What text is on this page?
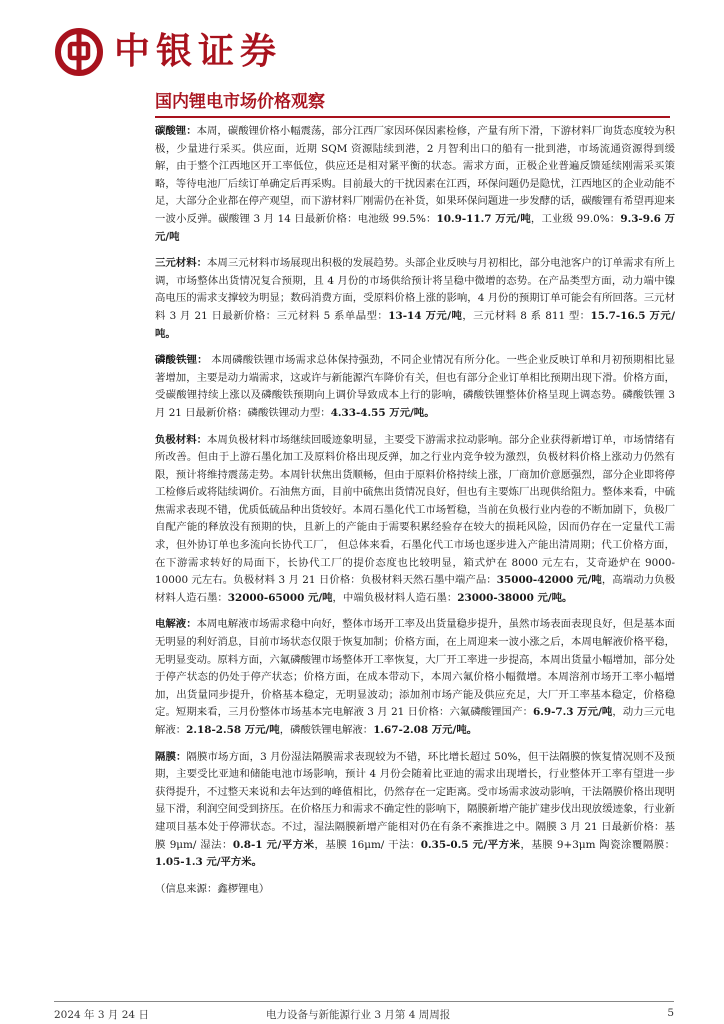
中银证券
国内锂电市场价格观察

碳酸锂：本周，碳酸锂价格小幅震荡，部分江西厂家因环保因素检修，产量有所下滑，下游材料厂询货态度较为积极，少量进行采买。供应面，近期 SQM 资源陆续到港，2 月智利出口的船有一批到港，市场流通资源得到缓解，由于整个江西地区开工率低位，供应还是相对紧平衡的状态。需求方面，正极企业普遍反馈延续刚需采买策略，等待电池厂后续订单确定后再采购。目前最大的干扰因素在江西，环保问题仍是隐忧，江西地区的企业动能不足，大部分企业都在停产观望，而下游材料厂刚需仍在补货，如果环保问题进一步发酵的话，碳酸锂有希望再迎来一波小反弹。碳酸锂 3 月 14 日最新价格：电池级 99.5%：10.9-11.7 万元/吨，工业级 99.0%：9.3-9.6 万元/吨

三元材料：本周三元材料市场展现出积极的发展趋势。头部企业反映与月初相比，部分电池客户的订单需求有所上调，市场整体出货情况复合预期，且 4 月份的市场供给预计将呈稳中微增的态势。在产品类型方面，动力端中镍高电压的需求支撑较为明显；数码消费方面，受原料价格上涨的影响，4 月份的预期订单可能会有所回落。三元材料 3 月 21 日最新价格：三元材料 5 系单晶型：13-14 万元/吨，三元材料 8 系 811 型：15.7-16.5 万元/吨。

磷酸铁锂： 本周磷酸铁锂市场需求总体保持强劲，不同企业情况有所分化。一些企业反映订单和月初预期相比显著增加，主要是动力端需求，这或许与新能源汽车降价有关，但也有部分企业订单相比预期出现下滑。价格方面，受碳酸锂持续上涨以及磷酸铁预期向上调价导致成本上行的影响，磷酸铁锂整体价格呈现上调态势。磷酸铁锂 3 月 21 日最新价格：磷酸铁锂动力型：4.33-4.55 万元/吨。

负极材料：本周负极材料市场继续回暖迹象明显，主要受下游需求拉动影响。部分企业获得新增订单，市场情绪有所改善。但由于上游石墨化加工及原料价格出现反弹，加之行业内竞争较为激烈，负极材料价格上涨动力仍然有限，预计将维持震荡走势。本周针状焦出货顺畅，但由于原料价格持续上涨，厂商加价意愿强烈，部分企业即将停工检修后或将陆续调价。石油焦方面，目前中硫焦出货情况良好，但也有主要炼厂出现供给阻力。整体来看，中硫焦需求表现不错，优质低硫品种出货较好。本周石墨化代工市场暂稳，当前在负极行业内卷的不断加剧下，负极厂自配产能的释放没有预期的快，且新上的产能由于需要积累经验存在较大的损耗风险，因而仍存在一定量代工需求，但外协订单也多流向长协代工厂， 但总体来看，石墨化代工市场也逐步进入产能出清周期；代工价格方面，在下游需求转好的局面下，长协代工厂的提价态度也比较明显，箱式炉在 8000 元左右，艾奇逊炉在 9000-10000 元左右。负极材料 3 月 21 日价格：负极材料天然石墨中端产品：35000-42000 元/吨，高端动力负极材料人造石墨：32000-65000 元/吨，中端负极材料人造石墨：23000-38000 元/吨。

电解液：本周电解液市场需求稳中向好，整体市场开工率及出货量稳步提升，虽然市场表面表现良好，但是基本面无明显的利好消息，目前市场状态仅限于恢复加制；价格方面，在上周迎来一波小涨之后，本周电解液价格平稳，无明显变动。原料方面，六氟磷酸锂市场整体开工率恢复，大厂开工率进一步提高，本周出货量小幅增加，部分处于停产状态的仍处于停产状态；价格方面，在成本带动下，本周六氟价格小幅微增。本周溶剂市场开工率小幅增加，出货量同步提升，价格基本稳定，无明显波动；添加剂市场产能及供应充足，大厂开工率基本稳定，价格稳定。短期来看，三月份整体市场基本完电解液 3 月 21 日价格：六氟磷酸锂国产：6.9-7.3 万元/吨，动力三元电解液：2.18-2.58 万元/吨，磷酸铁锂电解液：1.67-2.08 万元/吨。

隔膜：隔膜市场方面，3 月份湿法隔膜需求表现较为不错，环比增长超过 50%，但干法隔膜的恢复情况则不及预期，主要受比亚迪和储能电池市场影响，预计 4 月份会随着比亚迪的需求出现增长，行业整体开工率有望进一步获得提升，不过整天来说和去年达到的峰值相比，仍然存在一定距离。受市场需求波动影响，干法隔膜价格出现明显下滑，利润空间受到挤压。在价格压力和需求不确定性的影响下，隔膜新增产能扩建步伐出现放缓迹象，行业新建项目基本处于停滞状态。不过，湿法隔膜新增产能相对仍在有条不紊推进之中。隔膜 3 月 21 日最新价格：基膜 9μm/ 湿法：0.8-1 元/平方米，基膜 16μm/ 干法：0.35-0.5 元/平方米，基膜 9+3μm 陶瓷涂覆隔膜：1.05-1.3 元/平方米。

（信息来源：鑫椤锂电）

2024 年 3 月 24 日	电力设备与新能源行业 3 月第 4 周周报	5
